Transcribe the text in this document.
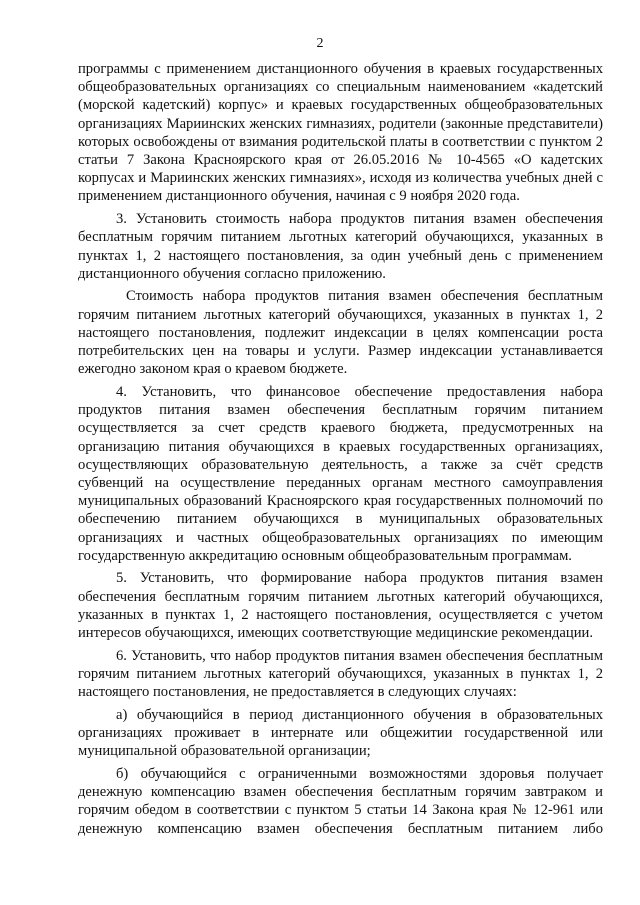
2

программы с применением дистанционного обучения в краевых государственных общеобразовательных организациях со специальным наименованием «кадетский (морской кадетский) корпус» и краевых государственных общеобразовательных организациях Мариинских женских гимназиях, родители (законные представители) которых освобождены от взимания родительской платы в соответствии с пунктом 2 статьи 7 Закона Красноярского края от 26.05.2016 № 10-4565 «О кадетских корпусах и Мариинских женских гимназиях», исходя из количества учебных дней с применением дистанционного обучения, начиная с 9 ноября 2020 года.

3. Установить стоимость набора продуктов питания взамен обеспечения бесплатным горячим питанием льготных категорий обучающихся, указанных в пунктах 1, 2 настоящего постановления, за один учебный день с применением дистанционного обучения согласно приложению.

Стоимость набора продуктов питания взамен обеспечения бесплатным горячим питанием льготных категорий обучающихся, указанных в пунктах 1, 2 настоящего постановления, подлежит индексации в целях компенсации роста потребительских цен на товары и услуги. Размер индексации устанавливается ежегодно законом края о краевом бюджете.

4. Установить, что финансовое обеспечение предоставления набора продуктов питания взамен обеспечения бесплатным горячим питанием осуществляется за счет средств краевого бюджета, предусмотренных на организацию питания обучающихся в краевых государственных организациях, осуществляющих образовательную деятельность, а также за счёт средств субвенций на осуществление переданных органам местного самоуправления муниципальных образований Красноярского края государственных полномочий по обеспечению питанием обучающихся в муниципальных образовательных организациях и частных общеобразовательных организациях по имеющим государственную аккредитацию основным общеобразовательным программам.

5. Установить, что формирование набора продуктов питания взамен обеспечения бесплатным горячим питанием льготных категорий обучающихся, указанных в пунктах 1, 2 настоящего постановления, осуществляется с учетом интересов обучающихся, имеющих соответствующие медицинские рекомендации.

6. Установить, что набор продуктов питания взамен обеспечения бесплатным горячим питанием льготных категорий обучающихся, указанных в пунктах 1, 2 настоящего постановления, не предоставляется в следующих случаях:

а) обучающийся в период дистанционного обучения в образовательных организациях проживает в интернате или общежитии государственной или муниципальной образовательной организации;

б) обучающийся с ограниченными возможностями здоровья получает денежную компенсацию взамен обеспечения бесплатным горячим завтраком и горячим обедом в соответствии с пунктом 5 статьи 14 Закона края № 12-961 или денежную компенсацию взамен обеспечения бесплатным питанием либо
